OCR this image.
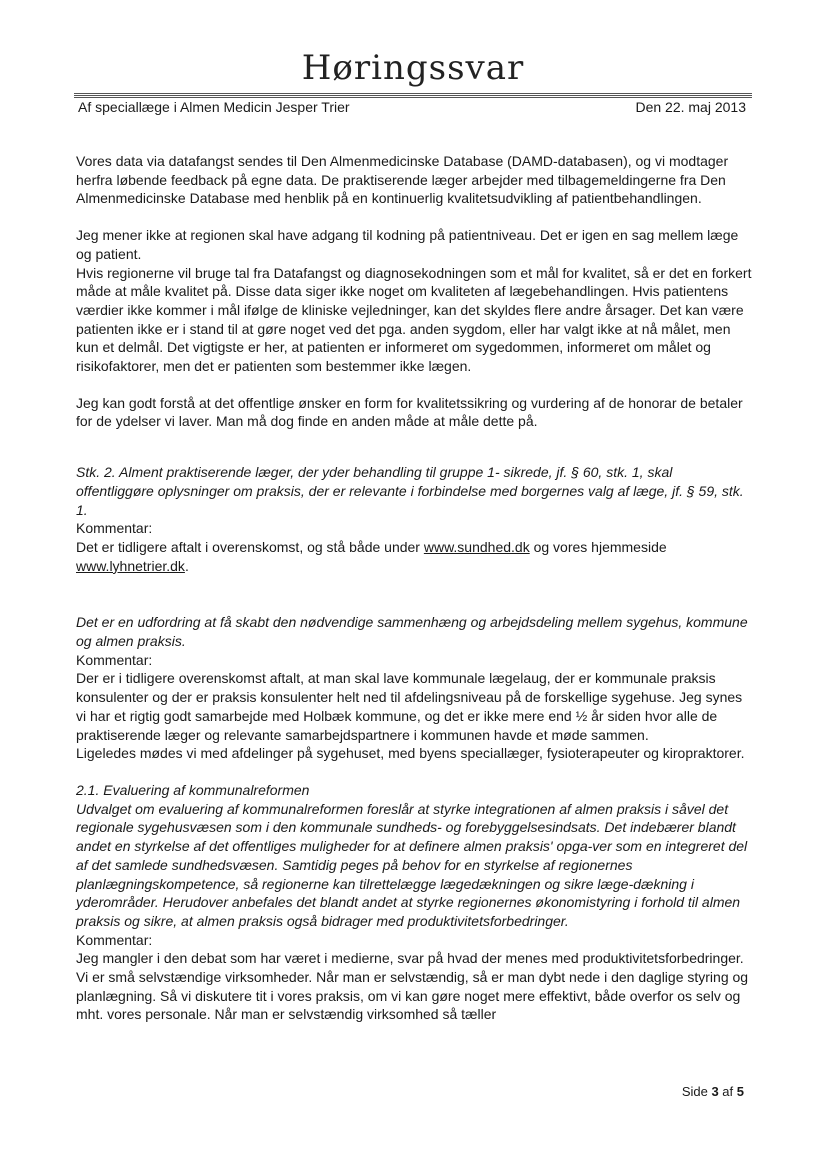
Høringssvar
Af speciallæge i Almen Medicin Jesper Trier	Den 22. maj 2013

Vores data via datafangst sendes til Den Almenmedicinske Database (DAMD-databasen), og vi modtager herfra løbende feedback på egne data. De praktiserende læger arbejder med tilbagemeldingerne fra Den Almenmedicinske Database med henblik på en kontinuerlig kvalitetsudvikling af patientbehandlingen.

Jeg mener ikke at regionen skal have adgang til kodning på patientniveau. Det er igen en sag mellem læge og patient.

Hvis regionerne vil bruge tal fra Datafangst og diagnosekodningen som et mål for kvalitet, så er det en forkert måde at måle kvalitet på. Disse data siger ikke noget om kvaliteten af lægebehandlingen. Hvis patientens værdier ikke kommer i mål ifølge de kliniske vejledninger, kan det skyldes flere andre årsager. Det kan være patienten ikke er i stand til at gøre noget ved det pga. anden sygdom, eller har valgt ikke at nå målet, men kun et delmål. Det vigtigste er her, at patienten er informeret om sygedommen, informeret om målet og risikofaktorer, men det er patienten som bestemmer ikke lægen.

Jeg kan godt forstå at det offentlige ønsker en form for kvalitetssikring og vurdering af de honorar de betaler for de ydelser vi laver. Man må dog finde en anden måde at måle dette på.

Stk. 2. Alment praktiserende læger, der yder behandling til gruppe 1- sikrede, jf. § 60, stk. 1, skal offentliggøre oplysninger om praksis, der er relevante i forbindelse med borgernes valg af læge, jf. § 59, stk. 1.

Kommentar:

Det er tidligere aftalt i overenskomst, og stå både under www.sundhed.dk og vores hjemmeside www.lyhnetrier.dk.

Det er en udfordring at få skabt den nødvendige sammenhæng og arbejdsdeling mellem sygehus, kommune og almen praksis.

Kommentar:

Der er i tidligere overenskomst aftalt, at man skal lave kommunale lægelaug, der er kommunale praksis konsulenter og der er praksis konsulenter helt ned til afdelingsniveau på de forskellige sygehuse. Jeg synes vi har et rigtig godt samarbejde med Holbæk kommune, og det er ikke mere end ½ år siden hvor alle de praktiserende læger og relevante samarbejdspartnere i kommunen havde et møde sammen.

Ligeledes mødes vi med afdelinger på sygehuset, med byens speciallæger, fysioterapeuter og kiropraktorer.

2.1. Evaluering af kommunalreformen

Udvalget om evaluering af kommunalreformen foreslår at styrke integrationen af almen praksis i såvel det regionale sygehusvæsen som i den kommunale sundheds- og forebyggelsesindsats. Det indebærer blandt andet en styrkelse af det offentliges muligheder for at definere almen praksis' opga-ver som en integreret del af det samlede sundhedsvæsen. Samtidig peges på behov for en styrkelse af regionernes planlægningskompetence, så regionerne kan tilrettelægge lægedækningen og sikre læge-dækning i yderområder. Herudover anbefales det blandt andet at styrke regionernes økonomistyring i forhold til almen praksis og sikre, at almen praksis også bidrager med produktivitetsforbedringer.

Kommentar:

Jeg mangler i den debat som har været i medierne, svar på hvad der menes med produktivitetsforbedringer. Vi er små selvstændige virksomheder. Når man er selvstændig, så er man dybt nede i den daglige styring og planlægning. Så vi diskutere tit i vores praksis, om vi kan gøre noget mere effektivt, både overfor os selv og mht. vores personale. Når man er selvstændig virksomhed så tæller

Side 3 af 5
